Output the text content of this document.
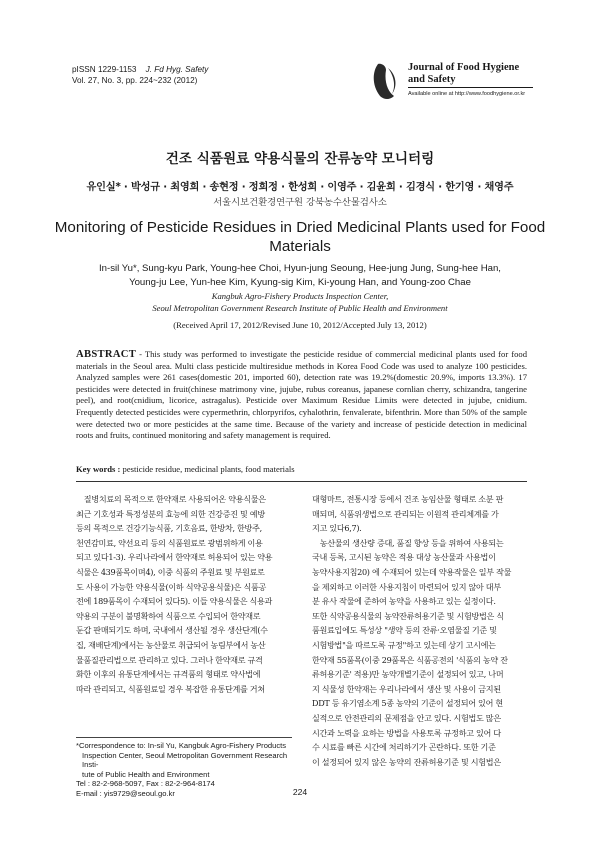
pISSN 1229-1153 J. Fd Hyg. Safety
Vol. 27, No. 3, pp. 224~232 (2012)
Journal of Food Hygiene
and Safety
Available online at http://www.foodhygiene.or.kr
건조 식품원료 약용식물의 잔류농약 모니터링
유인실* · 박성규 · 최영희 · 송현정 · 정희정 · 한성희 · 이영주 · 김윤희 · 김경식 · 한기영 · 채영주
서울시보건환경연구원 강북농수산물검사소
Monitoring of Pesticide Residues in Dried Medicinal Plants used for Food Materials
In-sil Yu*, Sung-kyu Park, Young-hee Choi, Hyun-jung Seoung, Hee-jung Jung, Sung-hee Han,
Young-ju Lee, Yun-hee Kim, Kyung-sig Kim, Ki-young Han, and Young-zoo Chae
Kangbuk Agro-Fishery Products Inspection Center,
Seoul Metropolitan Government Research Institute of Public Health and Environment
(Received April 17, 2012/Revised June 10, 2012/Accepted July 13, 2012)
ABSTRACT - This study was performed to investigate the pesticide residue of commercial medicinal plants used for food materials in the Seoul area. Multi class pesticide multiresidue methods in Korea Food Code was used to analyze 100 pesticides. Analyzed samples were 261 cases(domestic 201, imported 60), detection rate was 19.2%(domestic 20.9%, imports 13.3%). 17 pesticides were detected in fruit(chinese matrimony vine, jujube, rubus coreanus, japanese cornlian cherry, schizandra, tangerine peel), and root(cnidium, licorice, astragalus). Pesticide over Maximum Residue Limits were detected in jujube, cnidium. Frequently detected pesticides were cypermethrin, chlorpyrifos, cyhalothrin, fenvalerate, bifenthrin. More than 50% of the sample were detected two or more pesticides at the same time. Because of the variety and increase of pesticide detection in medicinal roots and fruits, continued monitoring and safety management is required.
Key words : pesticide residue, medicinal plants, food materials
　질병치료의 목적으로 한약재로 사용되어온 약용식물은
최근 기호성과 특정성분의 효능에 의한 건강증진 및 예방
등의 목적으로 건강기능식품, 기호음료, 한방차, 한방주,
천연감미료, 약선요리 등의 식품원료로 광범위하게 이용
되고 있다1-3). 우리나라에서 한약재로 허용되어 있는 약용
식물은 439품목이며4), 이중 식품의 주원료 및 부원료로
도 사용이 가능한 약용식물(이하 식약공용식물)은 식품공
전에 189품목이 수재되어 있다5). 이들 약용식물은 식용과
약용의 구분이 불명확하여 식품으로 수입되어 한약재로
둔갑 판매되기도 하며, 국내에서 생산될 경우 생산단계(수
집, 재배단계)에서는 농산물로 취급되어 농림부에서 농산
물품질관리법으로 관리하고 있다. 그러나 한약재로 규격
화한 이후의 유통단계에서는 규격품의 형태로 약사법에
따라 관리되고, 식품원료일 경우 복잡한 유통단계를 거쳐
대형마트, 전통시장 등에서 건조 농임산물 형태로 소분 판
매되며, 식품위생법으로 관리되는 이원적 관리체계를 가
지고 있다6,7).
　농산물의 생산량 증대, 품질 향상 등을 위하여 사용되는
국내 등록, 고시된 농약은 적용 대상 농산물과 사용법이
농약사용지침20) 에 수재되어 있는데 약용작물은 일부 작물
을 제외하고 이러한 사용지침이 마련되어 있지 않아 대부
분 유사 작물에 준하여 농약을 사용하고 있는 실정이다.
또한 식약공용식물의 농약잔류허용기준 및 시험방법은 식
품원료입에도 특성상 "생약 등의 잔류·오염물질 기준 및
시험방법"을 따르도록 규정"하고 있는데 상기 고시에는
한약재 55품목(이중 29품목은 식품공전의 '식품의 농약 잔
류허용기준' 적용)만 농약개별기준이 설정되어 있고, 나머
지 식물성 한약재는 우리나라에서 생산 및 사용이 금지된
DDT 등 유기염소계 5종 농약의 기준이 설정되어 있어 현
실적으로 안전관리의 문제점을 안고 있다. 시험법도 많은
시간과 노력을 요하는 방법을 사용토록 규정하고 있어 다
수 시료를 빠른 시간에 처리하기가 곤란하다. 또한 기준
이 설정되어 있지 않은 농약의 잔류허용기준 및 시험법은
*Correspondence to: In-sil Yu, Kangbuk Agro-Fishery Products
Inspection Center, Seoul Metropolitan Government Research Insti-
tute of Public Health and Environment
Tel : 82-2-968-5097, Fax : 82-2-964-8174
E-mail : yis9729@seoul.go.kr	224
